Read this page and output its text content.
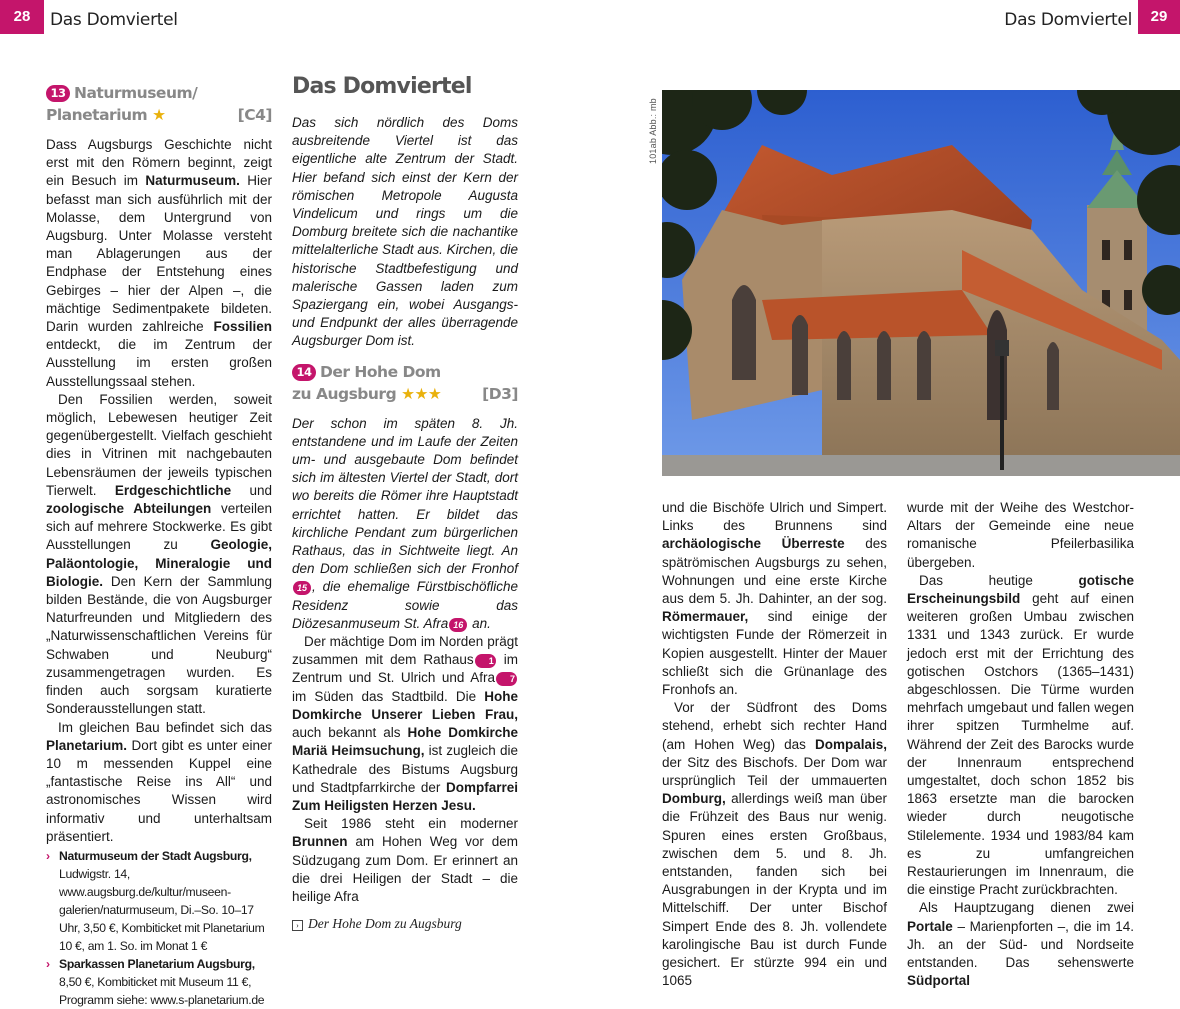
28	Das Domviertel	Das Domviertel	29
13 Naturmuseum/
Planetarium ★	[C4]

Dass Augsburgs Geschichte nicht erst mit den Römern beginnt, zeigt ein Besuch im Naturmuseum. Hier befasst man sich ausführlich mit der Molasse, dem Untergrund von Augsburg. Unter Molasse versteht man Ablagerungen aus der Endphase der Entstehung eines Gebirges – hier der Alpen –, die mächtige Sedimentpakete bildeten. Darin wurden zahlreiche Fossilien entdeckt, die im Zentrum der Ausstellung im ersten großen Ausstellungssaal stehen.

Den Fossilien werden, soweit möglich, Lebewesen heutiger Zeit gegenübergestellt. Vielfach geschieht dies in Vitrinen mit nachgebauten Lebensräumen der jeweils typischen Tierwelt. Erdgeschichtliche und zoologische Abteilungen verteilen sich auf mehrere Stockwerke. Es gibt Ausstellungen zu Geologie, Paläontologie, Mineralogie und Biologie. Den Kern der Sammlung bilden Bestände, die von Augsburger Naturfreunden und Mitgliedern des „Naturwissenschaftlichen Vereins für Schwaben und Neuburg“ zusammengetragen wurden. Es finden auch sorgsam kuratierte Sonderausstellungen statt.

Im gleichen Bau befindet sich das Planetarium. Dort gibt es unter einer 10 m messenden Kuppel eine „fantastische Reise ins All“ und astronomisches Wissen wird informativ und unterhaltsam präsentiert.

› Naturmuseum der Stadt Augsburg, Ludwigstr. 14, www.augsburg.de/kultur/museen-galerien/naturmuseum, Di.–So. 10–17 Uhr, 3,50 €, Kombiticket mit Planetarium 10 €, am 1. So. im Monat 1 €

› Sparkassen Planetarium Augsburg, 8,50 €, Kombiticket mit Museum 11 €, Programm siehe: www.s-planetarium.de

Das Domviertel

Das sich nördlich des Doms ausbreitende Viertel ist das eigentliche alte Zentrum der Stadt. Hier befand sich einst der Kern der römischen Metropole Augusta Vindelicum und rings um die Domburg breitete sich die nachantike mittelalterliche Stadt aus. Kirchen, die historische Stadtbefestigung und malerische Gassen laden zum Spaziergang ein, wobei Ausgangs- und Endpunkt der alles überragende Augsburger Dom ist.

14 Der Hohe Dom
zu Augsburg ★★★	[D3]

Der schon im späten 8. Jh. entstandene und im Laufe der Zeiten um- und ausgebaute Dom befindet sich im ältesten Viertel der Stadt, dort wo bereits die Römer ihre Hauptstadt errichtet hatten. Er bildet das kirchliche Pendant zum bürgerlichen Rathaus, das in Sichtweite liegt. An den Dom schließen sich der Fronhof15 , die ehemalige Fürstbischöfliche Residenz sowie das Diözesanmuseum St. Afra 16 an.

Der mächtige Dom im Norden prägt zusammen mit dem Rathaus 1 im Zentrum und St. Ulrich und Afra 7 im Süden das Stadtbild. Die Hohe Domkirche Unserer Lieben Frau, auch bekannt als Hohe Domkirche Mariä Heimsuchung, ist zugleich die Kathedrale des Bistums Augsburg und Stadtpfarrkirche der Dompfarrei Zum Heiligsten Herzen Jesu.

Seit 1986 steht ein moderner Brunnen am Hohen Weg vor dem Südzugang zum Dom. Er erinnert an die drei Heiligen der Stadt – die heilige Afra

› Der Hohe Dom zu Augsburg
101ab Abb.: mb

und die Bischöfe Ulrich und Simpert. Links des Brunnens sind archäologische Überreste des spätrömischen Augsburgs zu sehen, Wohnungen und eine erste Kirche aus dem 5. Jh. Dahinter, an der sog. Römermauer, sind einige der wichtigsten Funde der Römerzeit in Kopien ausgestellt. Hinter der Mauer schließt sich die Grünanlage des Fronhofs an.

Vor der Südfront des Doms stehend, erhebt sich rechter Hand (am Hohen Weg) das Dompalais, der Sitz des Bischofs. Der Dom war ursprünglich Teil der ummauerten Domburg, allerdings weiß man über die Frühzeit des Baus nur wenig. Spuren eines ersten Großbaus, zwischen dem 5. und 8. Jh. entstanden, fanden sich bei Ausgrabungen in der Krypta und im Mittelschiff. Der unter Bischof Simpert Ende des 8. Jh. vollendete karolingische Bau ist durch Funde gesichert. Er stürzte 994 ein und 1065

wurde mit der Weihe des Westchor-Altars der Gemeinde eine neue romanische Pfeilerbasilika übergeben.

Das heutige gotische Erscheinungsbild geht auf einen weiteren großen Umbau zwischen 1331 und 1343 zurück. Er wurde jedoch erst mit der Errichtung des gotischen Ostchors (1365–1431) abgeschlossen. Die Türme wurden mehrfach umgebaut und fallen wegen ihrer spitzen Turmhelme auf. Während der Zeit des Barocks wurde der Innenraum entsprechend umgestaltet, doch schon 1852 bis 1863 ersetzte man die barocken wieder durch neugotische Stilelemente. 1934 und 1983/84 kam es zu umfangreichen Restaurierungen im Innenraum, die die einstige Pracht zurückbrachten.

Als Hauptzugang dienen zwei Portale – Marienpforten –, die im 14. Jh. an der Süd- und Nordseite entstanden. Das sehenswerte Südportal
